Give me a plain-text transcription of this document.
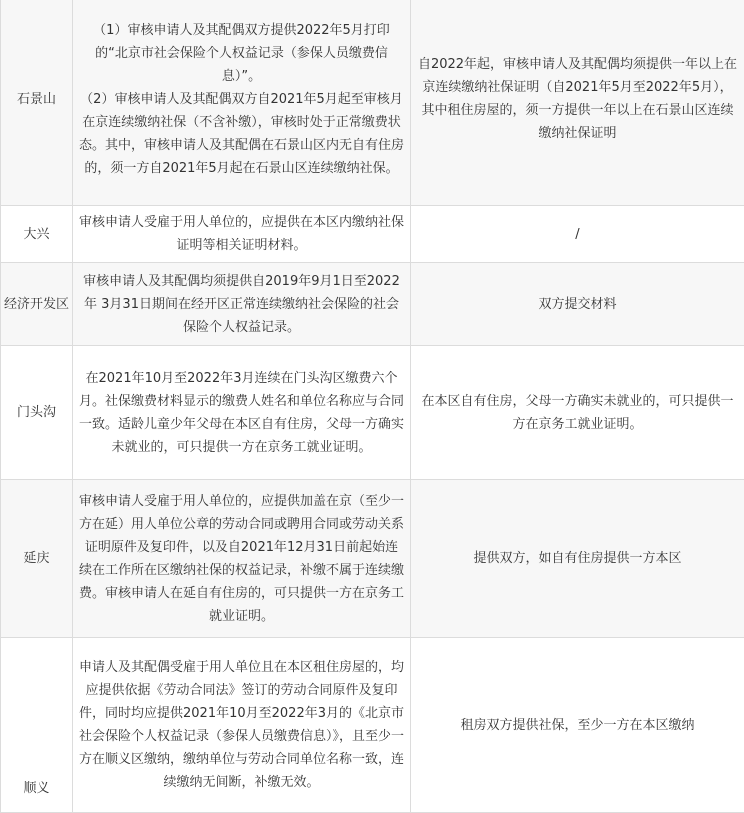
石景山	（1）审核申请人及其配偶双方提供2022年5月打印的“北京市社会保险个人权益记录（参保人员缴费信息）”。
（2）审核申请人及其配偶双方自2021年5月起至审核月在京连续缴纳社保（不含补缴），审核时处于正常缴费状态。其中，审核申请人及其配偶在石景山区内无自有住房的，须一方自2021年5月起在石景山区连续缴纳社保。	自2022年起，审核申请人及其配偶均须提供一年以上在京连续缴纳社保证明（自2021年5月至2022年5月），其中租住房屋的，须一方提供一年以上在石景山区连续缴纳社保证明
大兴	审核申请人受雇于用人单位的，应提供在本区内缴纳社保证明等相关证明材料。	/
经济开发区	审核申请人及其配偶均须提供自2019年9月1日至2022年 3月31日期间在经开区正常连续缴纳社会保险的社会保险个人权益记录。	双方提交材料
门头沟	在2021年10月至2022年3月连续在门头沟区缴费六个月。社保缴费材料显示的缴费人姓名和单位名称应与合同一致。适龄儿童少年父母在本区自有住房，父母一方确实未就业的，可只提供一方在京务工就业证明。	在本区自有住房，父母一方确实未就业的，可只提供一方在京务工就业证明。
延庆	审核申请人受雇于用人单位的，应提供加盖在京（至少一方在延）用人单位公章的劳动合同或聘用合同或劳动关系证明原件及复印件，以及自2021年12月31日前起始连续在工作所在区缴纳社保的权益记录，补缴不属于连续缴费。审核申请人在延自有住房的，可只提供一方在京务工就业证明。	提供双方，如自有住房提供一方本区
顺义	申请人及其配偶受雇于用人单位且在本区租住房屋的，均应提供依据《劳动合同法》签订的劳动合同原件及复印件，同时均应提供2021年10月至2022年3月的《北京市社会保险个人权益记录（参保人员缴费信息）》，且至少一方在顺义区缴纳，缴纳单位与劳动合同单位名称一致，连续缴纳无间断，补缴无效。	租房双方提供社保，至少一方在本区缴纳
